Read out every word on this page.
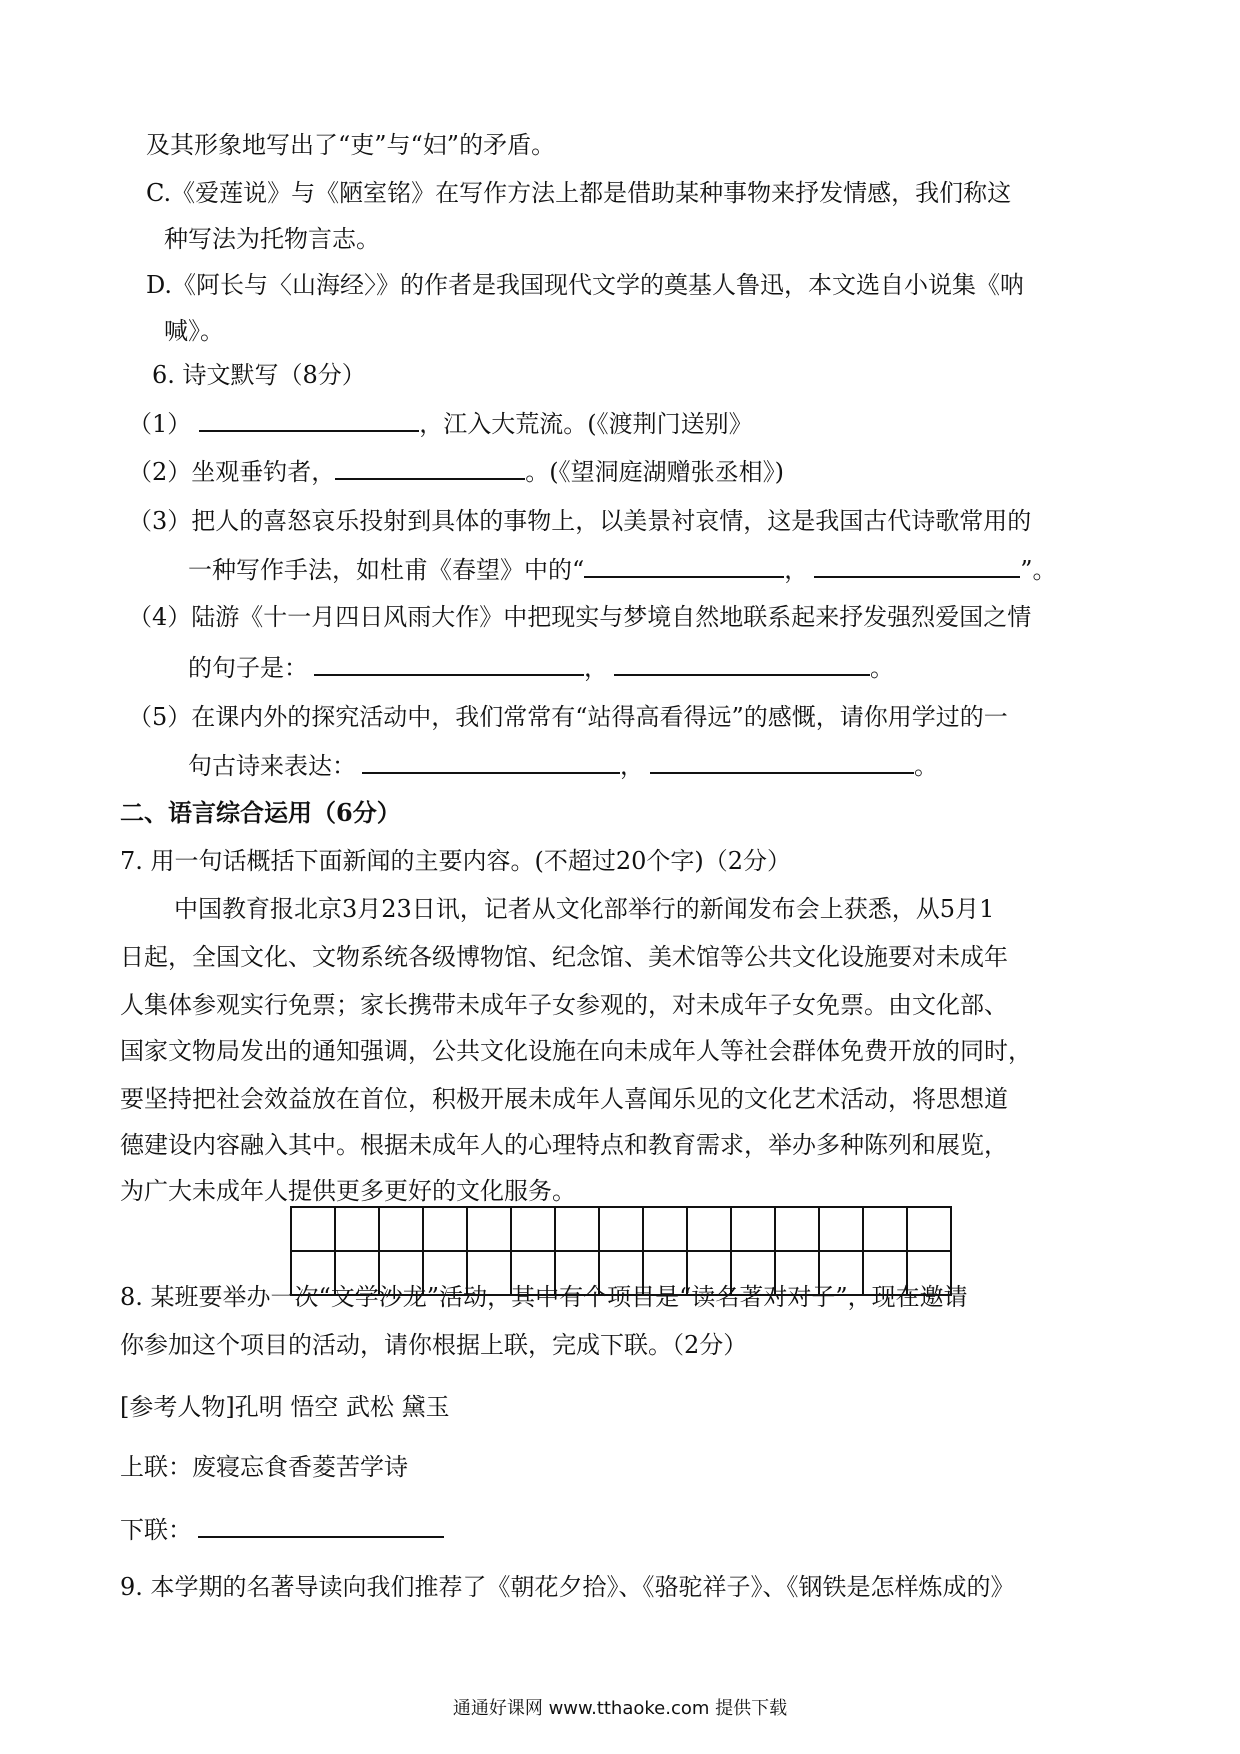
及其形象地写出了“吏”与“妇”的矛盾。
C.《爱莲说》与《陋室铭》在写作方法上都是借助某种事物来抒发情感，我们称这
种写法为托物言志。
D.《阿长与〈山海经〉》的作者是我国现代文学的奠基人鲁迅，本文选自小说集《呐
喊》。
6. 诗文默写（8分）
（1）	，江入大荒流。(《渡荆门送别》
（2）坐观垂钓者，	。(《望洞庭湖赠张丞相》)
（3）把人的喜怒哀乐投射到具体的事物上，以美景衬哀情，这是我国古代诗歌常用的
一种写作手法，如杜甫《春望》中的“	，	”。
（4）陆游《十一月四日风雨大作》中把现实与梦境自然地联系起来抒发强烈爱国之情
的句子是：	，	。
（5）在课内外的探究活动中，我们常常有“站得高看得远”的感慨，请你用学过的一
句古诗来表达：	，	。
二、语言综合运用（6分）
7. 用一句话概括下面新闻的主要内容。(不超过20个字)（2分）
中国教育报北京3月23日讯，记者从文化部举行的新闻发布会上获悉，从5月1
日起，全国文化、文物系统各级博物馆、纪念馆、美术馆等公共文化设施要对未成年
人集体参观实行免票；家长携带未成年子女参观的，对未成年子女免票。由文化部、
国家文物局发出的通知强调，公共文化设施在向未成年人等社会群体免费开放的同时，
要坚持把社会效益放在首位，积极开展未成年人喜闻乐见的文化艺术活动，将思想道
德建设内容融入其中。根据未成年人的心理特点和教育需求，举办多种陈列和展览，
为广大未成年人提供更多更好的文化服务。

8. 某班要举办一次“文学沙龙”活动，其中有个项目是“读名著对对子”，现在邀请
你参加这个项目的活动，请你根据上联，完成下联。（2分）
[参考人物]孔明 悟空 武松 黛玉
上联：废寝忘食香菱苦学诗
下联：
9. 本学期的名著导读向我们推荐了《朝花夕拾》、《骆驼祥子》、《钢铁是怎样炼成的》
通通好课网 www.tthaoke.com 提供下载
